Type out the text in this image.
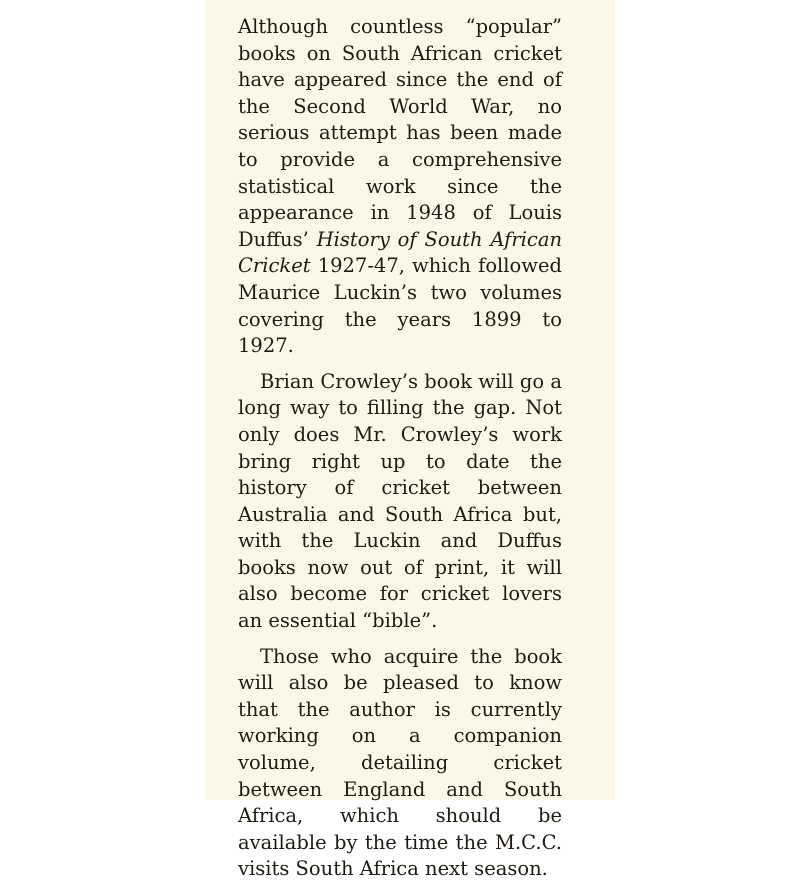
Although countless “popular” books on South African cricket have appeared since the end of the Second World War, no serious attempt has been made to provide a comprehensive statistical work since the appearance in 1948 of Louis Duffus’ History of South African Cricket 1927-47, which followed Maurice Luckin’s two volumes covering the years 1899 to 1927.

Brian Crowley’s book will go a long way to filling the gap. Not only does Mr. Crowley’s work bring right up to date the history of cricket between Australia and South Africa but, with the Luckin and Duffus books now out of print, it will also become for cricket lovers an essential “bible”.

Those who acquire the book will also be pleased to know that the author is currently working on a companion volume, detailing cricket between England and South Africa, which should be available by the time the M.C.C. visits South Africa next season.
